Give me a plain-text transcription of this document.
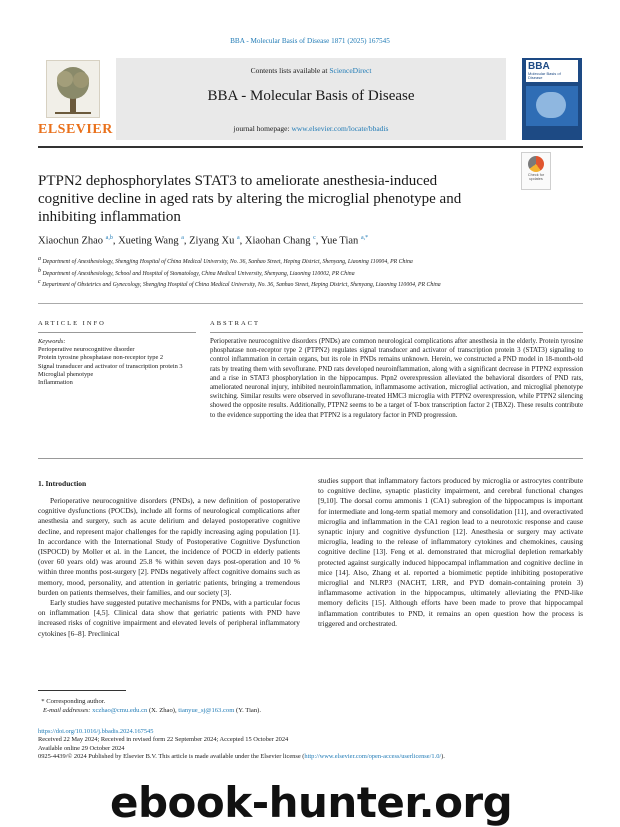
BBA - Molecular Basis of Disease 1871 (2025) 167545
ELSEVIER
Contents lists available at ScienceDirect
BBA - Molecular Basis of Disease
journal homepage: www.elsevier.com/locate/bbadis
BBA
Molecular Basis of Disease
PTPN2 dephosphorylates STAT3 to ameliorate anesthesia-induced cognitive decline in aged rats by altering the microglial phenotype and inhibiting inflammation
Check for updates
Xiaochun Zhao $^{a,b}$, Xueting Wang $^a$, Ziyang Xu $^a$, Xiaohan Chang $^c$, Yue Tian $^{a,*}$
$^a$ Department of Anesthesiology, Shengjing Hospital of China Medical University, No. 36, Sanhao Street, Heping District, Shenyang, Liaoning 110004, PR China
$^b$ Department of Anesthesiology, School and Hospital of Stomatology, China Medical University, Shenyang, Liaoning 110002, PR China
$^c$ Department of Obstetrics and Gynecology, Shengjing Hospital of China Medical University, No. 36, Sanhao Street, Heping District, Shenyang, Liaoning 110004, PR China
ARTICLE INFO	ABSTRACT
Keywords:
Perioperative neurocognitive disorder
Protein tyrosine phosphatase non-receptor type 2
Signal transducer and activator of transcription protein 3
Microglial phenotype
Inflammation
Perioperative neurocognitive disorders (PNDs) are common neurological complications after anesthesia in the elderly. Protein tyrosine phosphatase non-receptor type 2 (PTPN2) regulates signal transducer and activator of transcription protein 3 (STAT3) signaling to control inflammation in certain organs, but its role in PNDs remains unknown. Herein, we constructed a PND model in 18-month-old rats by treating them with sevoflurane. PND rats developed neuroinflammation, along with a significant decrease in PTPN2 expression and a rise in STAT3 phosphorylation in the hippocampus. Ptpn2 overexpression alleviated the behavioral disorders of PND rats, ameliorated neuronal injury, inhibited neuroinflammation, inflammasome activation, microglial activation, and microglial phenotype switching. Similar results were observed in sevoflurane-treated HMC3 microglia with PTPN2 overexpression, while PTPN2 silencing showed the opposite results. Additionally, PTPN2 seems to be a target of T-box transcription factor 2 (TBX2). These results contribute to the evidence supporting the idea that PTPN2 is a regulatory factor in PND progression.
1. Introduction

Perioperative neurocognitive disorders (PNDs), a new definition of postoperative cognitive dysfunctions (POCDs), include all forms of neurological complications after anesthesia and surgery, such as acute delirium and delayed postoperative cognitive decline, and represent major challenges for the rapidly increasing aging population [1]. In accordance with the International Study of Postoperative Cognitive Dysfunction (ISPOCD) by Moller et al. in the Lancet, the incidence of POCD in elderly patients (over 60 years old) was around 25.8 % within seven days post-operation and 10 % within three months post-surgery [2]. PNDs negatively affect cognitive domains such as memory, mood, personality, and attention in geriatric patients, bringing a tremendous burden on patients themselves, their families, and our society [3].

Early studies have suggested putative mechanisms for PNDs, with a particular focus on inflammation [4,5]. Clinical data show that geriatric patients with PND have increased risks of cognitive impairment and elevated levels of peripheral inflammatory cytokines [6–8]. Preclinical

studies support that inflammatory factors produced by microglia or astrocytes contribute to cognitive decline, synaptic plasticity impairment, and cerebral functional changes [9,10]. The dorsal cornu ammonis 1 (CA1) subregion of the hippocampus is important for intermediate and long-term spatial memory and consolidation [11], and overactivated microglia and inflammation in the CA1 region lead to a neurotoxic response and cause synaptic injury and cognitive dysfunction [12]. Anesthesia or surgery may activate microglia, leading to the release of inflammatory cytokines and chemokines, causing cognitive decline [13]. Feng et al. demonstrated that microglial depletion remarkably protected against surgically induced hippocampal inflammation and cognitive decline in mice [14]. Also, Zhang et al. reported a biomimetic peptide inhibiting postoperative microglial and NLRP3 (NACHT, LRR, and PYD domain-containing protein 3) inflammasome activation in the hippocampus, ultimately alleviating the PND-like memory deficits [15]. Although efforts have been made to prove that hippocampal inflammation contributes to PND, it remains an open question how the process is triggered and orchestrated.

* Corresponding author.
E-mail addresses: xczhao@cmu.edu.cn (X. Zhao), tianyue_sj@163.com (Y. Tian).
https://doi.org/10.1016/j.bbadis.2024.167545
Received 22 May 2024; Received in revised form 22 September 2024; Accepted 15 October 2024
Available online 29 October 2024
0925-4439/© 2024 Published by Elsevier B.V. This article is made available under the Elsevier license (http://www.elsevier.com/open-access/userlicense/1.0/).
ebook-hunter.org
